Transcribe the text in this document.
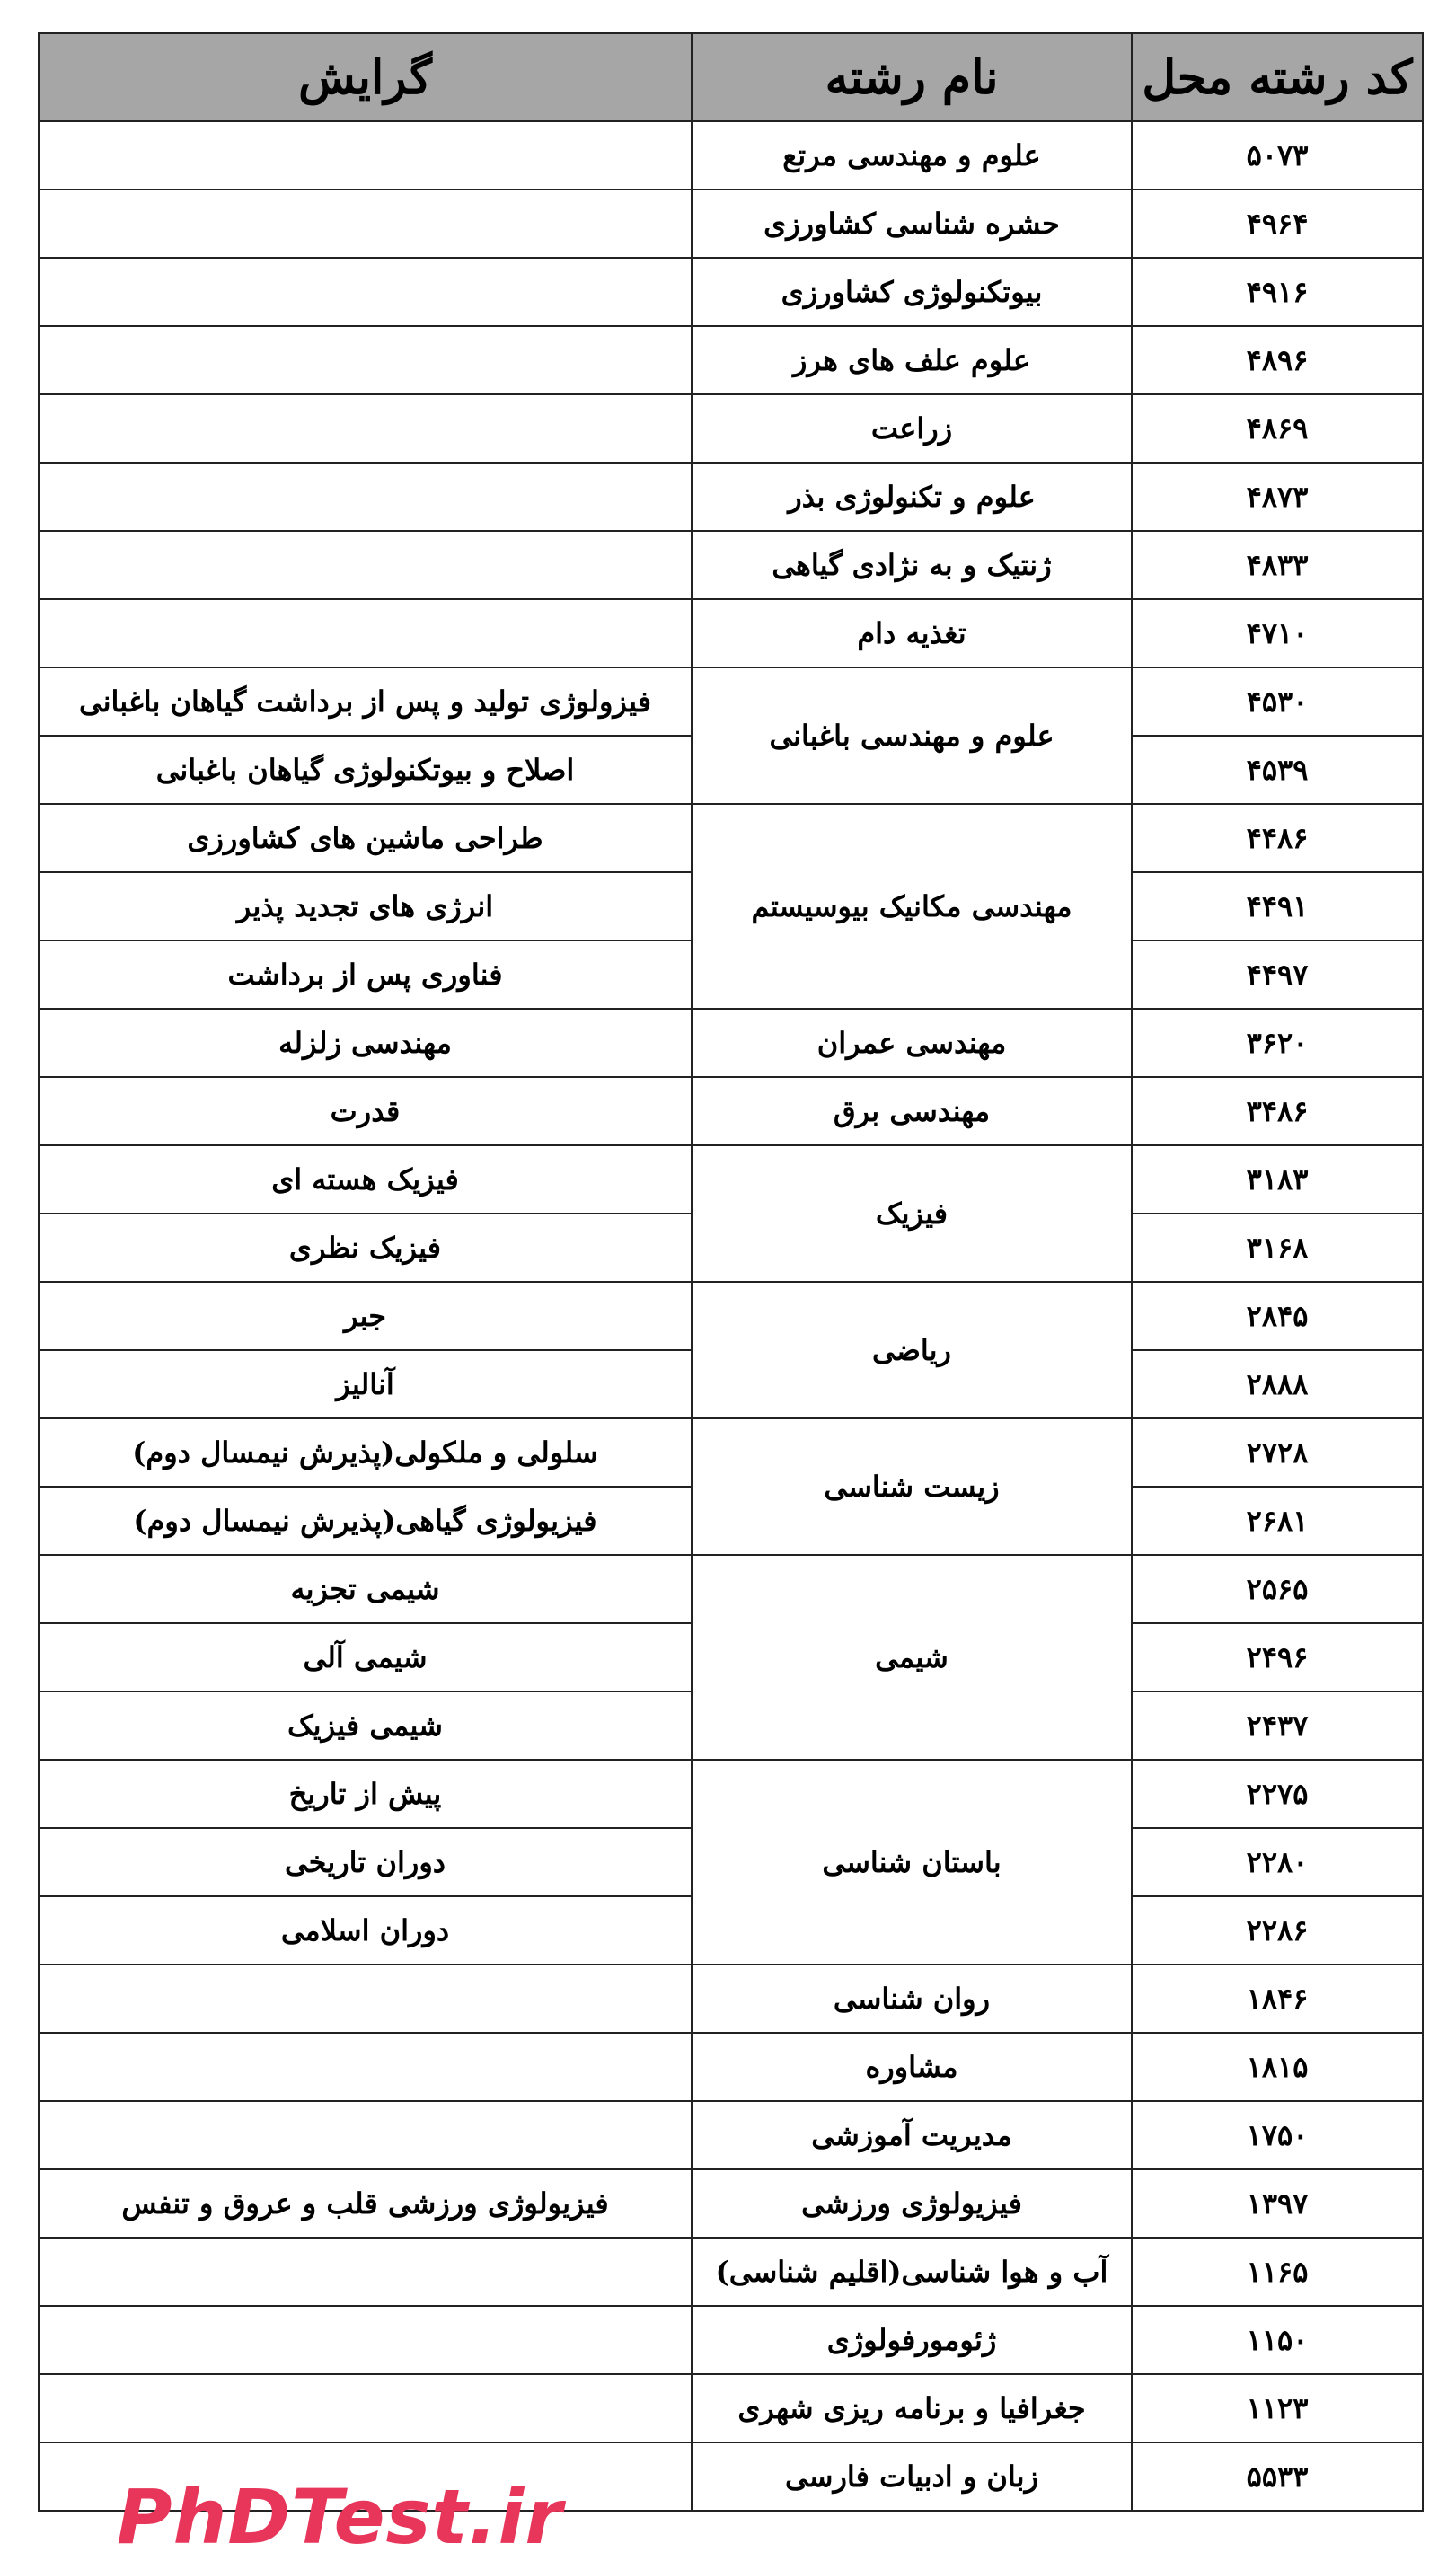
کد رشته محل	نام رشته	گرایش
۵۰۷۳	علوم و مهندسی مرتع	
۴۹۶۴	حشره شناسی کشاورزی	
۴۹۱۶	بیوتکنولوژی کشاورزی	
۴۸۹۶	علوم علف های هرز	
۴۸۶۹	زراعت	
۴۸۷۳	علوم و تکنولوژی بذر	
۴۸۳۳	ژنتیک و به نژادی گیاهی	
۴۷۱۰	تغذیه دام	
۴۵۳۰	علوم و مهندسی باغبانی	فیزولوژی تولید و پس از برداشت گیاهان باغبانی
۴۵۳۹		اصلاح و بیوتکنولوژی گیاهان باغبانی
۴۴۸۶	مهندسی مکانیک بیوسیستم	طراحی ماشین های کشاورزی
۴۴۹۱		انرژی های تجدید پذیر
۴۴۹۷		فناوری پس از برداشت
۳۶۲۰	مهندسی عمران	مهندسی زلزله
۳۴۸۶	مهندسی برق	قدرت
۳۱۸۳	فیزیک	فیزیک هسته ای
۳۱۶۸		فیزیک نظری
۲۸۴۵	ریاضی	جبر
۲۸۸۸		آنالیز
۲۷۲۸	زیست شناسی	سلولی و ملکولی(پذیرش نیمسال دوم)
۲۶۸۱		فیزیولوژی گیاهی(پذیرش نیمسال دوم)
۲۵۶۵	شیمی	شیمی تجزیه
۲۴۹۶		شیمی آلی
۲۴۳۷		شیمی فیزیک
۲۲۷۵	باستان شناسی	پیش از تاریخ
۲۲۸۰		دوران تاریخی
۲۲۸۶		دوران اسلامی
۱۸۴۶	روان شناسی	
۱۸۱۵	مشاوره	
۱۷۵۰	مدیریت آموزشی	
۱۳۹۷	فیزیولوژی ورزشی	فیزیولوژی ورزشی قلب و عروق و تنفس
۱۱۶۵	آب و هوا شناسی(اقلیم شناسی)	
۱۱۵۰	ژئومورفولوژی	
۱۱۲۳	جغرافیا و برنامه ریزی شهری	
۵۵۳۳	زبان و ادبیات فارسی	
PhDTest.ir
